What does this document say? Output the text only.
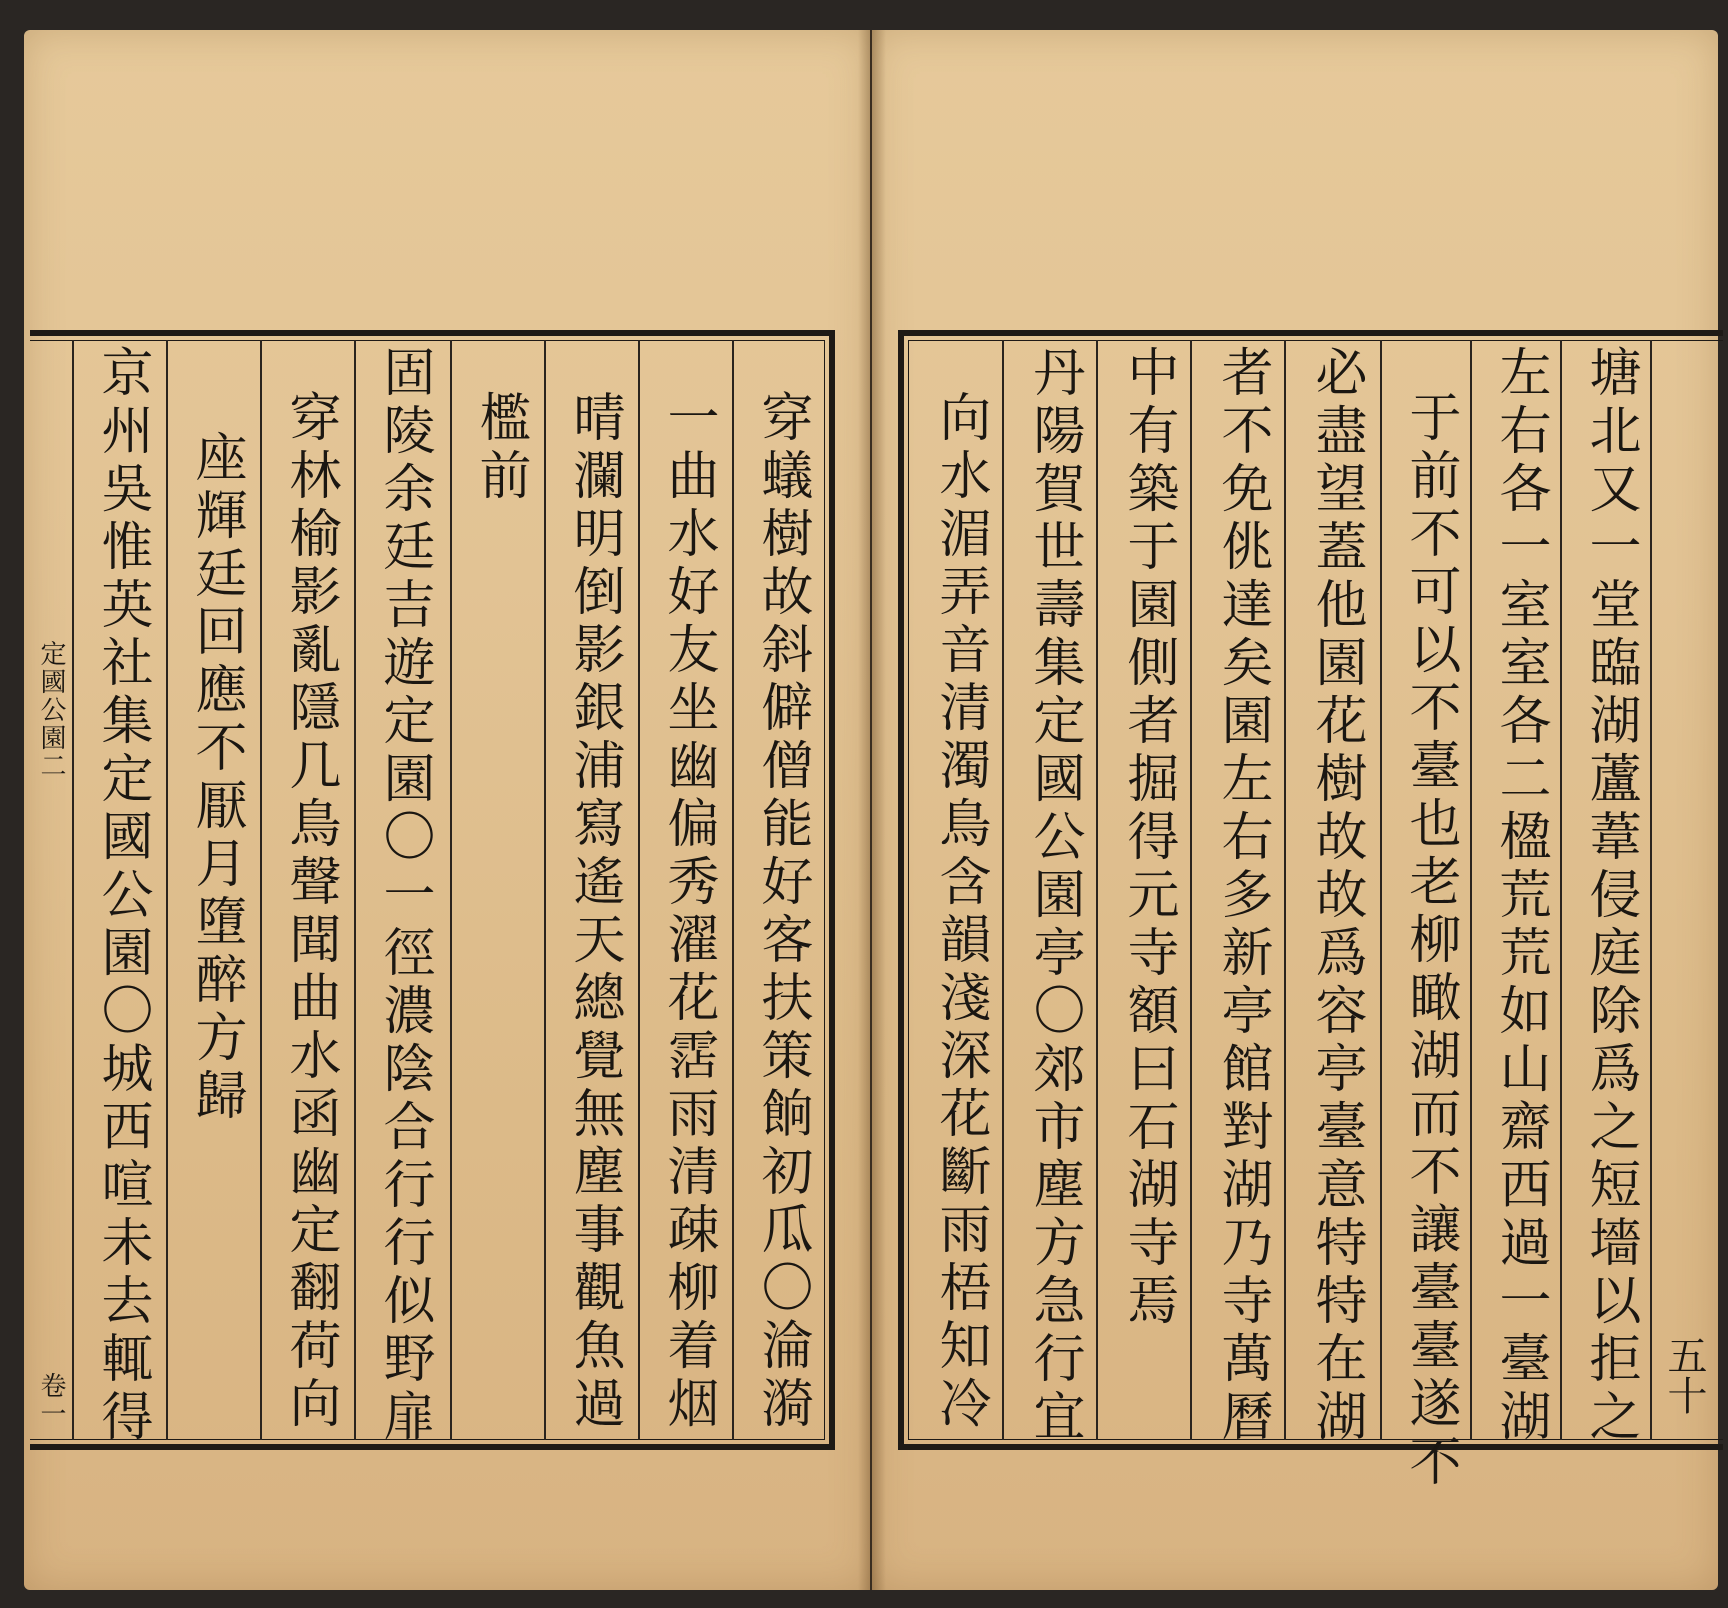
穿蟻樹故斜僻僧能好客扶策餉初瓜〇淪漪
一曲水好友坐幽偏秀濯花霑雨清疎柳着烟
晴瀾明倒影銀浦寫遙天總覺無塵事觀魚過
檻前
固陵余廷吉遊定園〇一徑濃陰合行行似野扉
穿林榆影亂隱几鳥聲聞曲水函幽定翻荷向
座輝廷回應不厭月墮醉方歸
京州吳惟英社集定國公園〇城西喧未去輒得
定國公園二
卷一	塘北又一堂臨湖蘆葦侵庭除爲之短墻以拒之
左右各一室室各二楹荒荒如山齋西過一臺湖
于前不可以不臺也老柳瞰湖而不讓臺臺遂不
必盡望蓋他園花樹故故爲容亭臺意特特在湖
者不免佻達矣園左右多新亭館對湖乃寺萬曆
中有築于園側者掘得元寺額曰石湖寺焉
丹陽賀世壽集定國公園亭〇郊市塵方急行宜
向水湄弄音清濁鳥含韻淺深花斷雨梧知冷	五十
